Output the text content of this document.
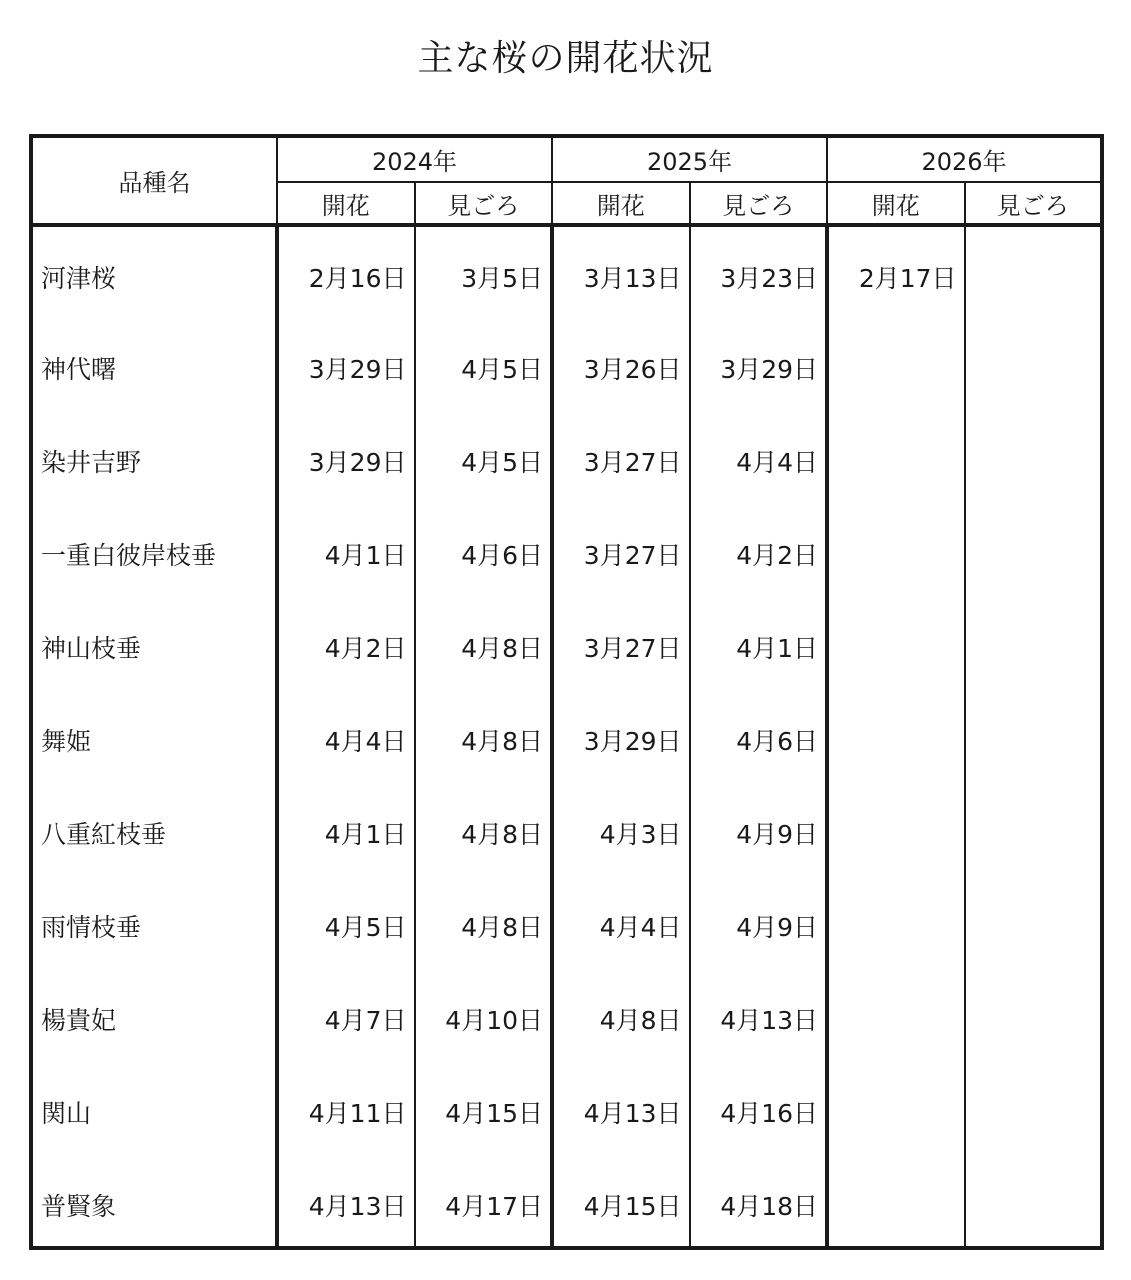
主な桜の開花状況
品種名	2024年		2025年		2026年	
	開花	見ごろ	開花	見ごろ	開花	見ごろ
河津桜	2月16日	3月5日	3月13日	3月23日	2月17日	
神代曙	3月29日	4月5日	3月26日	3月29日		
染井吉野	3月29日	4月5日	3月27日	4月4日		
一重白彼岸枝垂	4月1日	4月6日	3月27日	4月2日		
神山枝垂	4月2日	4月8日	3月27日	4月1日		
舞姫	4月4日	4月8日	3月29日	4月6日		
八重紅枝垂	4月1日	4月8日	4月3日	4月9日		
雨情枝垂	4月5日	4月8日	4月4日	4月9日		
楊貴妃	4月7日	4月10日	4月8日	4月13日		
関山	4月11日	4月15日	4月13日	4月16日		
普賢象	4月13日	4月17日	4月15日	4月18日		
